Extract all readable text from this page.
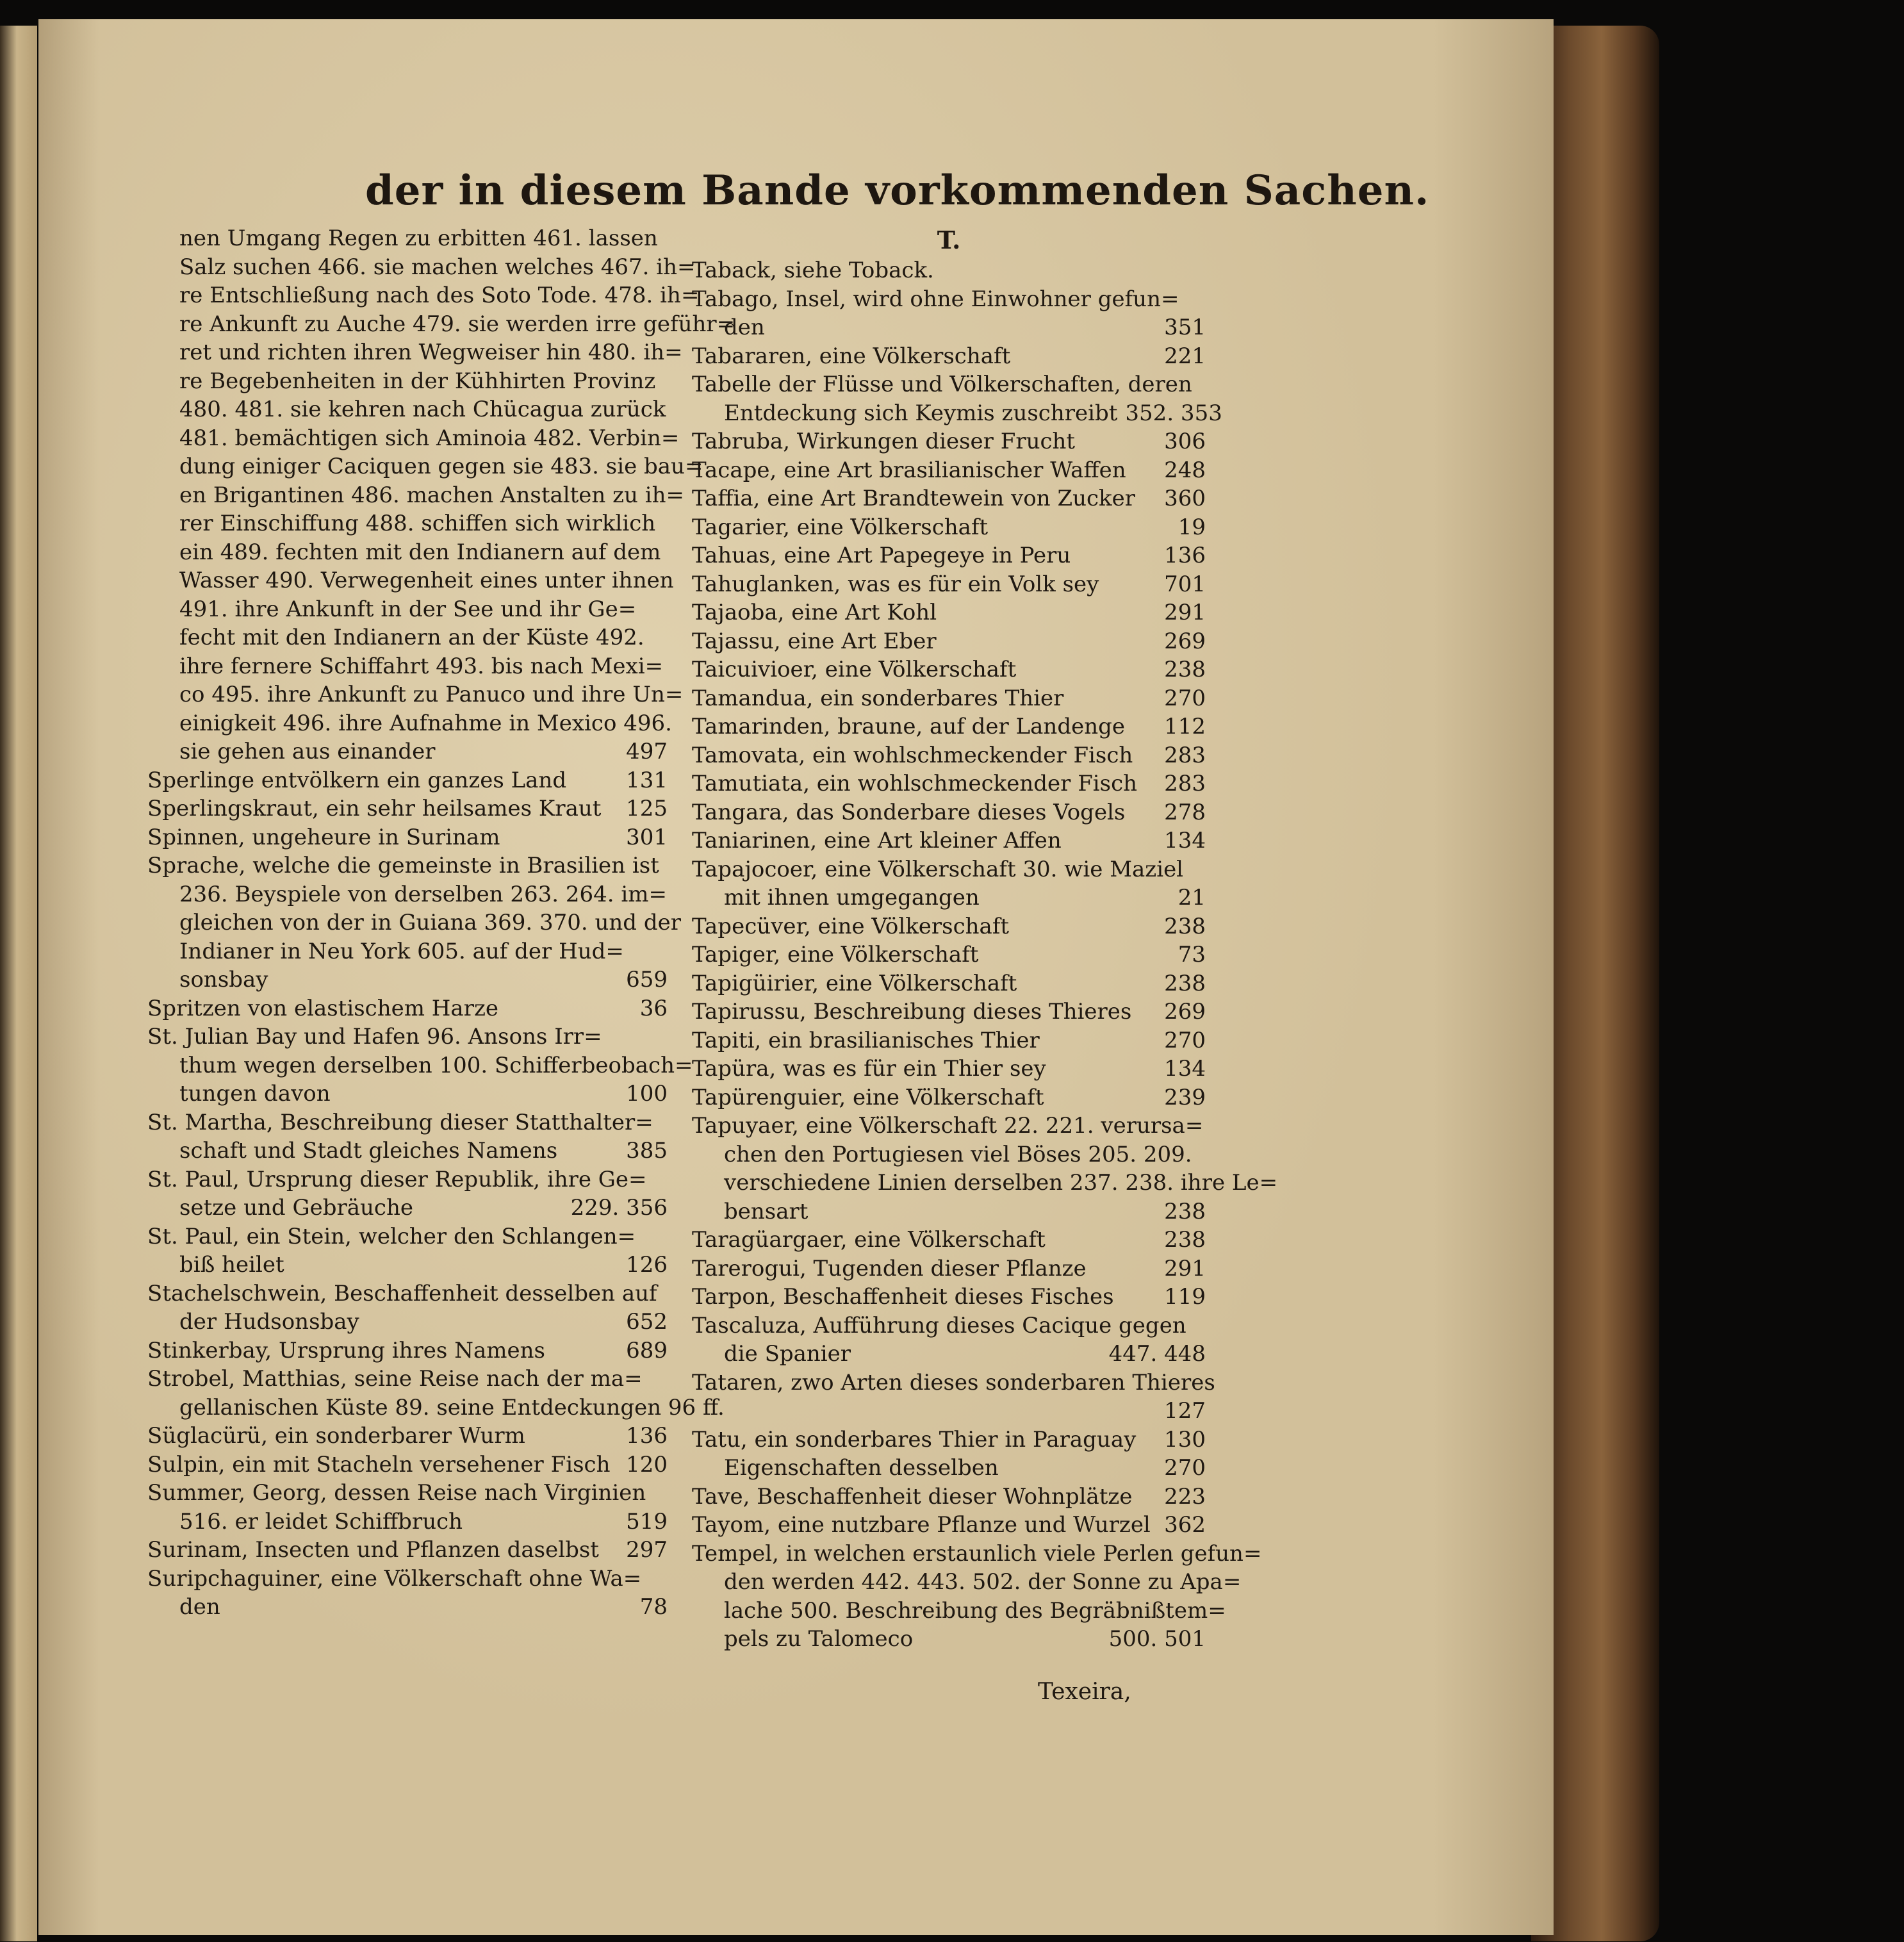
der in diesem Bande vorkommenden Sachen.
nen Umgang Regen zu erbitten 461. lassen
Salz suchen 466. sie machen welches 467. ih=
re Entschließung nach des Soto Tode. 478. ih=
re Ankunft zu Auche 479. sie werden irre geführ=
ret und richten ihren Wegweiser hin 480. ih=
re Begebenheiten in der Kühhirten Provinz
480. 481. sie kehren nach Chücagua zurück
481. bemächtigen sich Aminoia 482. Verbin=
dung einiger Caciquen gegen sie 483. sie bau=
en Brigantinen 486. machen Anstalten zu ih=
rer Einschiffung 488. schiffen sich wirklich
ein 489. fechten mit den Indianern auf dem
Wasser 490. Verwegenheit eines unter ihnen
491. ihre Ankunft in der See und ihr Ge=
fecht mit den Indianern an der Küste 492.
ihre fernere Schiffahrt 493. bis nach Mexi=
co 495. ihre Ankunft zu Panuco und ihre Un=
einigkeit 496. ihre Aufnahme in Mexico 496.
sie gehen aus einander	497
Sperlinge entvölkern ein ganzes Land	131
Sperlingskraut, ein sehr heilsames Kraut	125
Spinnen, ungeheure in Surinam	301
Sprache, welche die gemeinste in Brasilien ist
236. Beyspiele von derselben 263. 264. im=
gleichen von der in Guiana 369. 370. und der
Indianer in Neu York 605. auf der Hud=
sonsbay	659
Spritzen von elastischem Harze	36
St. Julian Bay und Hafen 96. Ansons Irr=
thum wegen derselben 100. Schifferbeobach=
tungen davon	100
St. Martha, Beschreibung dieser Statthalter=
schaft und Stadt gleiches Namens	385
St. Paul, Ursprung dieser Republik, ihre Ge=
setze und Gebräuche	229. 356
St. Paul, ein Stein, welcher den Schlangen=
biß heilet	126
Stachelschwein, Beschaffenheit desselben auf
der Hudsonsbay	652
Stinkerbay, Ursprung ihres Namens	689
Strobel, Matthias, seine Reise nach der ma=
gellanischen Küste 89. seine Entdeckungen 96 ff.
Süglacürü, ein sonderbarer Wurm	136
Sulpin, ein mit Stacheln versehener Fisch 120
Summer, Georg, dessen Reise nach Virginien
516. er leidet Schiffbruch	519
Surinam, Insecten und Pflanzen daselbst	297
Suripchaguiner, eine Völkerschaft ohne Wa=
den	78
T.
Taback, siehe Toback.
Tabago, Insel, wird ohne Einwohner gefun=
den	351
Tabararen, eine Völkerschaft	221
Tabelle der Flüsse und Völkerschaften, deren
Entdeckung sich Keymis zuschreibt 352. 353
Tabruba, Wirkungen dieser Frucht	306
Tacape, eine Art brasilianischer Waffen	248
Taffia, eine Art Brandtewein von Zucker	360
Tagarier, eine Völkerschaft	19
Tahuas, eine Art Papegeye in Peru	136
Tahuglanken, was es für ein Volk sey	701
Tajaoba, eine Art Kohl	291
Tajassu, eine Art Eber	269
Taicuivioer, eine Völkerschaft	238
Tamandua, ein sonderbares Thier	270
Tamarinden, braune, auf der Landenge	112
Tamovata, ein wohlschmeckender Fisch	283
Tamutiata, ein wohlschmeckender Fisch	283
Tangara, das Sonderbare dieses Vogels	278
Taniarinen, eine Art kleiner Affen	134
Tapajocoer, eine Völkerschaft 30. wie Maziel
mit ihnen umgegangen	21
Tapecüver, eine Völkerschaft	238
Tapiger, eine Völkerschaft	73
Tapigüirier, eine Völkerschaft	238
Tapirussu, Beschreibung dieses Thieres	269
Tapiti, ein brasilianisches Thier	270
Tapüra, was es für ein Thier sey	134
Tapürenguier, eine Völkerschaft	239
Tapuyaer, eine Völkerschaft 22. 221. verursa=
chen den Portugiesen viel Böses 205. 209.
verschiedene Linien derselben 237. 238. ihre Le=
bensart	238
Taragüargaer, eine Völkerschaft	238
Tarerogui, Tugenden dieser Pflanze	291
Tarpon, Beschaffenheit dieses Fisches	119
Tascaluza, Aufführung dieses Cacique gegen
die Spanier	447. 448
Tataren, zwo Arten dieses sonderbaren Thieres
127
Tatu, ein sonderbares Thier in Paraguay	130
Eigenschaften desselben	270
Tave, Beschaffenheit dieser Wohnplätze	223
Tayom, eine nutzbare Pflanze und Wurzel 362
Tempel, in welchen erstaunlich viele Perlen gefun=
den werden 442. 443. 502. der Sonne zu Apa=
lache 500. Beschreibung des Begräbnißtem=
pels zu Talomeco	500. 501
Texeira,
